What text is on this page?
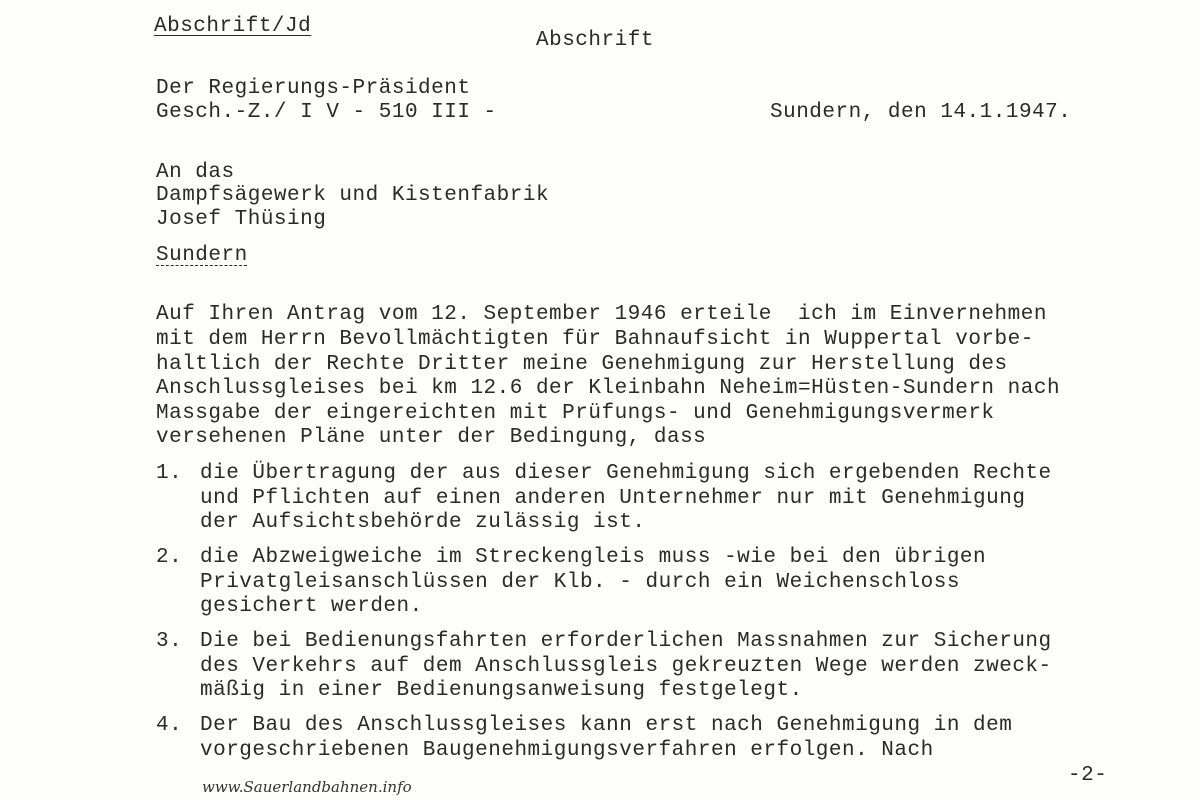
Abschrift/Jd
Abschrift
Der Regierungs-Präsident
Gesch.-Z./ I V - 510 III -	Sundern, den 14.1.1947.
An das
Dampfsägewerk und Kistenfabrik
Josef Thüsing
Sundern
Auf Ihren Antrag vom 12. September 1946 erteile  ich im Einvernehmen
mit dem Herrn Bevollmächtigten für Bahnaufsicht in Wuppertal vorbe-
haltlich der Rechte Dritter meine Genehmigung zur Herstellung des
Anschlussgleises bei km 12.6 der Kleinbahn Neheim=Hüsten-Sundern nach
Massgabe der eingereichten mit Prüfungs- und Genehmigungsvermerk
versehenen Pläne unter der Bedingung, dass
1. die Übertragung der aus dieser Genehmigung sich ergebenden Rechte
und Pflichten auf einen anderen Unternehmer nur mit Genehmigung
der Aufsichtsbehörde zulässig ist.
2. die Abzweigweiche im Streckengleis muss -wie bei den übrigen
Privatgleisanschlüssen der Klb. - durch ein Weichenschloss
gesichert werden.
3. Die bei Bedienungsfahrten erforderlichen Massnahmen zur Sicherung
des Verkehrs auf dem Anschlussgleis gekreuzten Wege werden zweck-
mäßig in einer Bedienungsanweisung festgelegt.
4. Der Bau des Anschlussgleises kann erst nach Genehmigung in dem
vorgeschriebenen Baugenehmigungsverfahren erfolgen. Nach
www.Sauerlandbahnen.info	-2-
